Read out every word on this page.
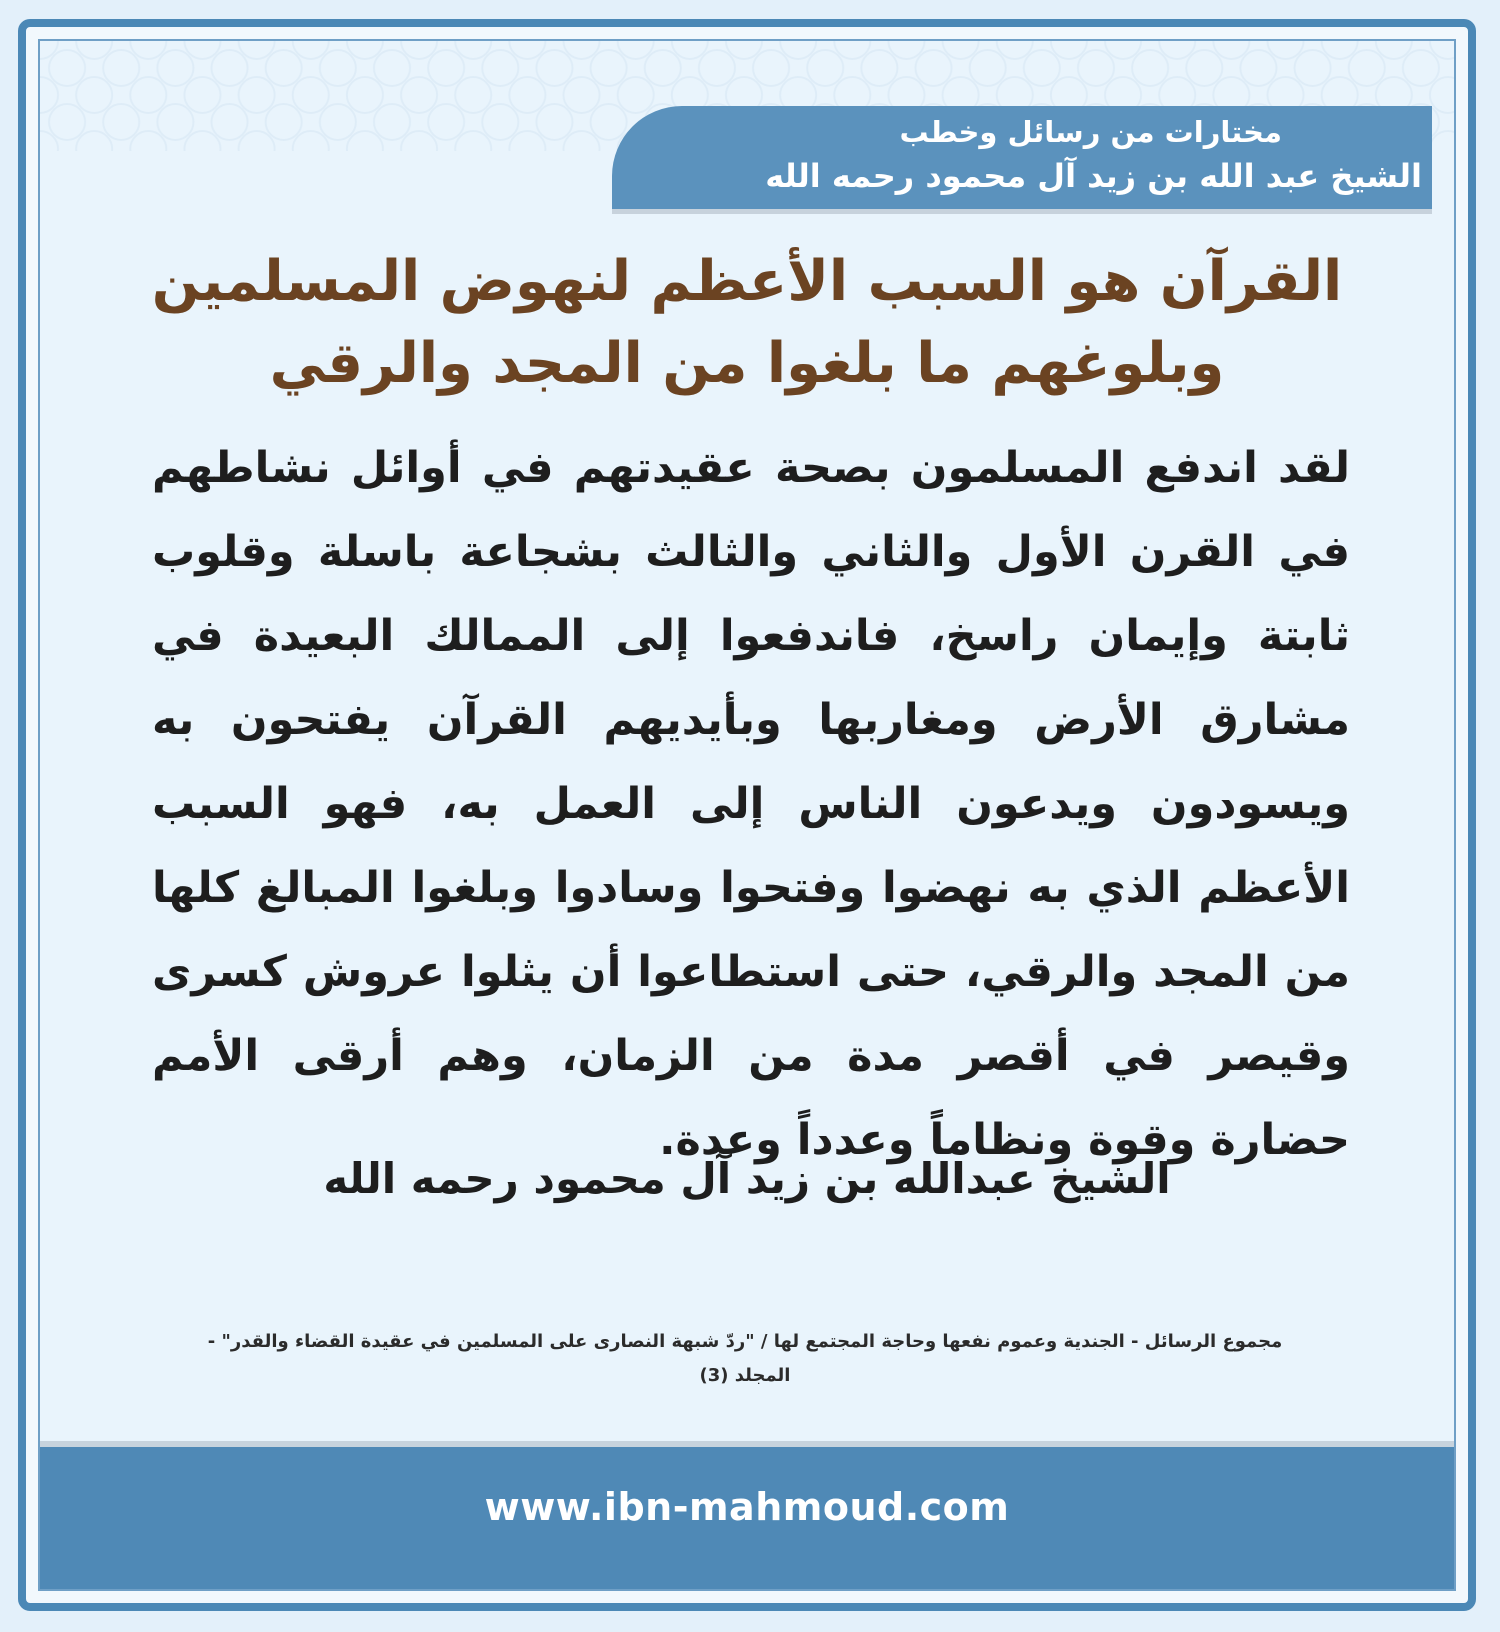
مختارات من رسائل وخطب
الشيخ عبد الله بن زيد آل محمود رحمه الله
القرآن هو السبب الأعظم لنهوض المسلمين
وبلوغهم ما بلغوا من المجد والرقي
لقد اندفع المسلمون بصحة عقيدتهم في أوائل نشاطهم في القرن الأول والثاني والثالث بشجاعة باسلة وقلوب ثابتة وإيمان راسخ، فاندفعوا إلى الممالك البعيدة في مشارق الأرض ومغاربها وبأيديهم القرآن يفتحون به ويسودون ويدعون الناس إلى العمل به، فهو السبب الأعظم الذي به نهضوا وفتحوا وسادوا وبلغوا المبالغ كلها من المجد والرقي، حتى استطاعوا أن يثلوا عروش كسرى وقيصر في أقصر مدة من الزمان، وهم أرقى الأمم حضارة وقوة ونظاماً وعدداً وعدة.
الشيخ عبدالله بن زيد آل محمود رحمه الله
مجموع الرسائل - الجندية وعموم نفعها وحاجة المجتمع لها / "ردّ شبهة النصارى على المسلمين في عقيدة القضاء والقدر" -
المجلد (3)
www.ibn-mahmoud.com
